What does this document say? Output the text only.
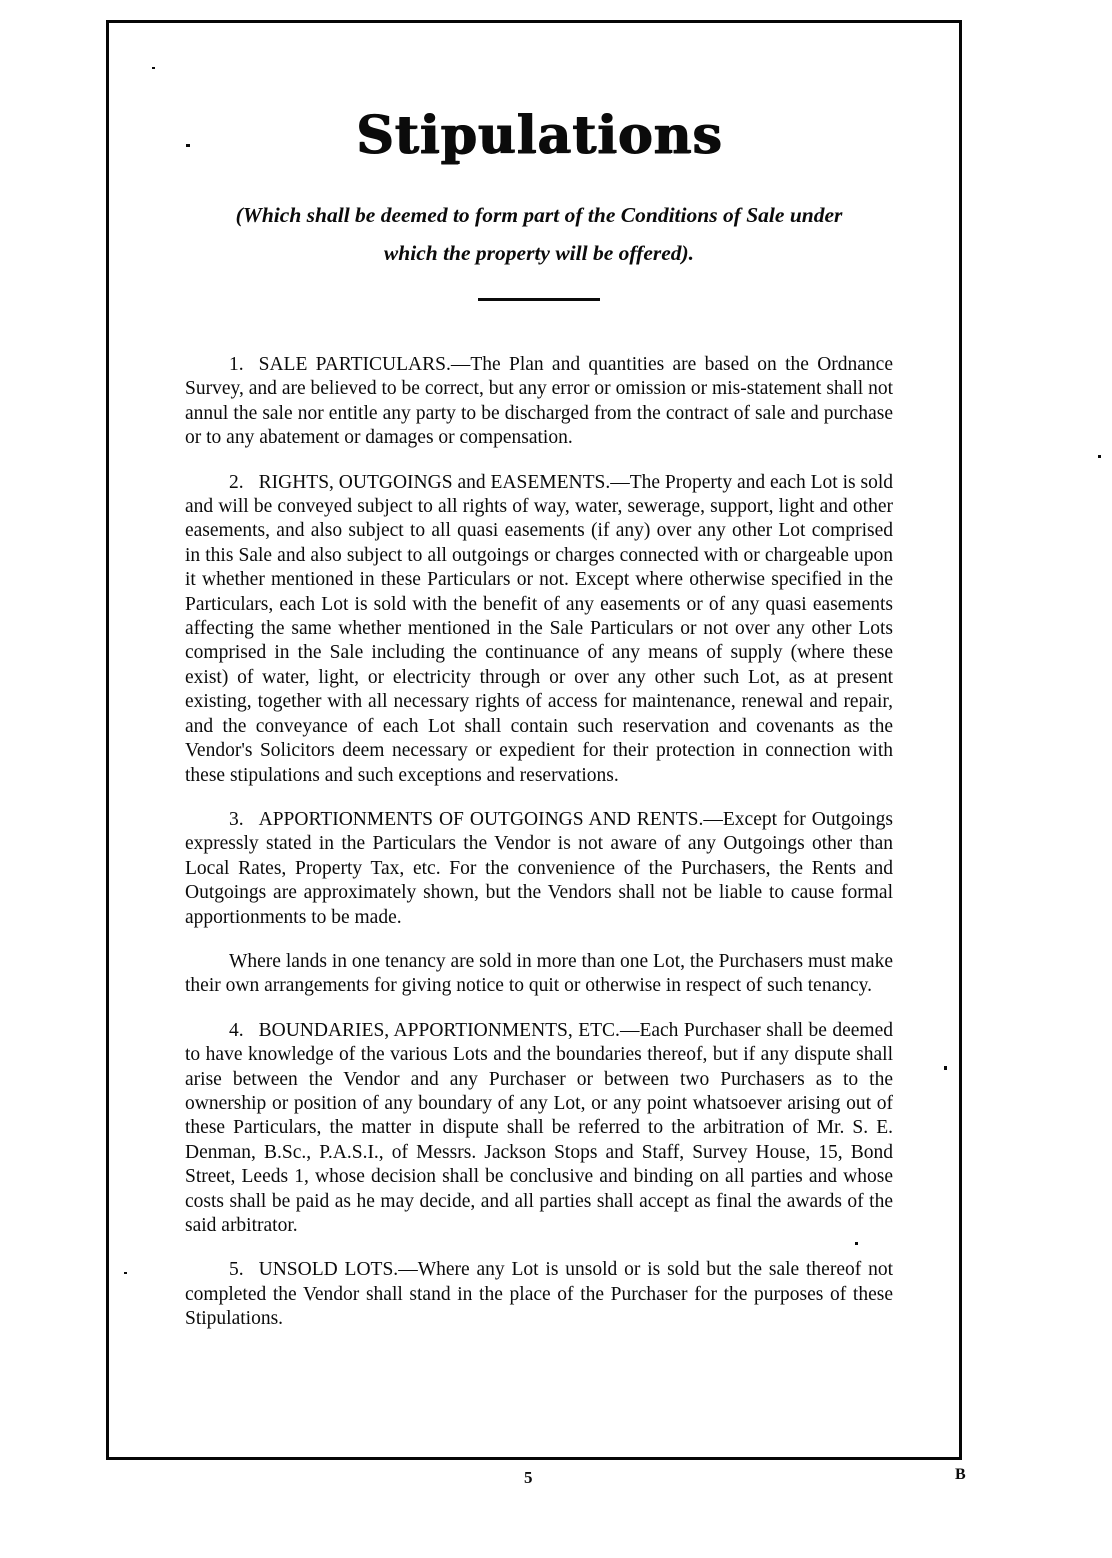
Stipulations

(Which shall be deemed to form part of the Conditions of Sale under
which the property will be offered).

1. SALE PARTICULARS.—The Plan and quantities are based on the Ordnance Survey, and are believed to be correct, but any error or omission or mis-statement shall not annul the sale nor entitle any party to be discharged from the contract of sale and purchase or to any abatement or damages or compensation.

2. RIGHTS, OUTGOINGS and EASEMENTS.—The Property and each Lot is sold and will be conveyed subject to all rights of way, water, sewerage, support, light and other easements, and also subject to all quasi easements (if any) over any other Lot comprised in this Sale and also subject to all outgoings or charges connected with or chargeable upon it whether mentioned in these Particulars or not. Except where otherwise specified in the Particulars, each Lot is sold with the benefit of any easements or of any quasi easements affecting the same whether mentioned in the Sale Particulars or not over any other Lots comprised in the Sale including the continuance of any means of supply (where these exist) of water, light, or electricity through or over any other such Lot, as at present existing, together with all necessary rights of access for maintenance, renewal and repair, and the conveyance of each Lot shall contain such reservation and covenants as the Vendor's Solicitors deem necessary or expedient for their protection in connection with these stipulations and such exceptions and reservations.

3. APPORTIONMENTS OF OUTGOINGS AND RENTS.—Except for Outgoings expressly stated in the Particulars the Vendor is not aware of any Outgoings other than Local Rates, Property Tax, etc. For the convenience of the Purchasers, the Rents and Outgoings are approximately shown, but the Vendors shall not be liable to cause formal apportionments to be made.

Where lands in one tenancy are sold in more than one Lot, the Purchasers must make their own arrangements for giving notice to quit or otherwise in respect of such tenancy.

4. BOUNDARIES, APPORTIONMENTS, ETC.—Each Purchaser shall be deemed to have knowledge of the various Lots and the boundaries thereof, but if any dispute shall arise between the Vendor and any Purchaser or between two Purchasers as to the ownership or position of any boundary of any Lot, or any point whatsoever arising out of these Particulars, the matter in dispute shall be referred to the arbitration of Mr. S. E. Denman, B.Sc., P.A.S.I., of Messrs. Jackson Stops and Staff, Survey House, 15, Bond Street, Leeds 1, whose decision shall be conclusive and binding on all parties and whose costs shall be paid as he may decide, and all parties shall accept as final the awards of the said arbitrator.

5. UNSOLD LOTS.—Where any Lot is unsold or is sold but the sale thereof not completed the Vendor shall stand in the place of the Purchaser for the purposes of these Stipulations.

5	B
